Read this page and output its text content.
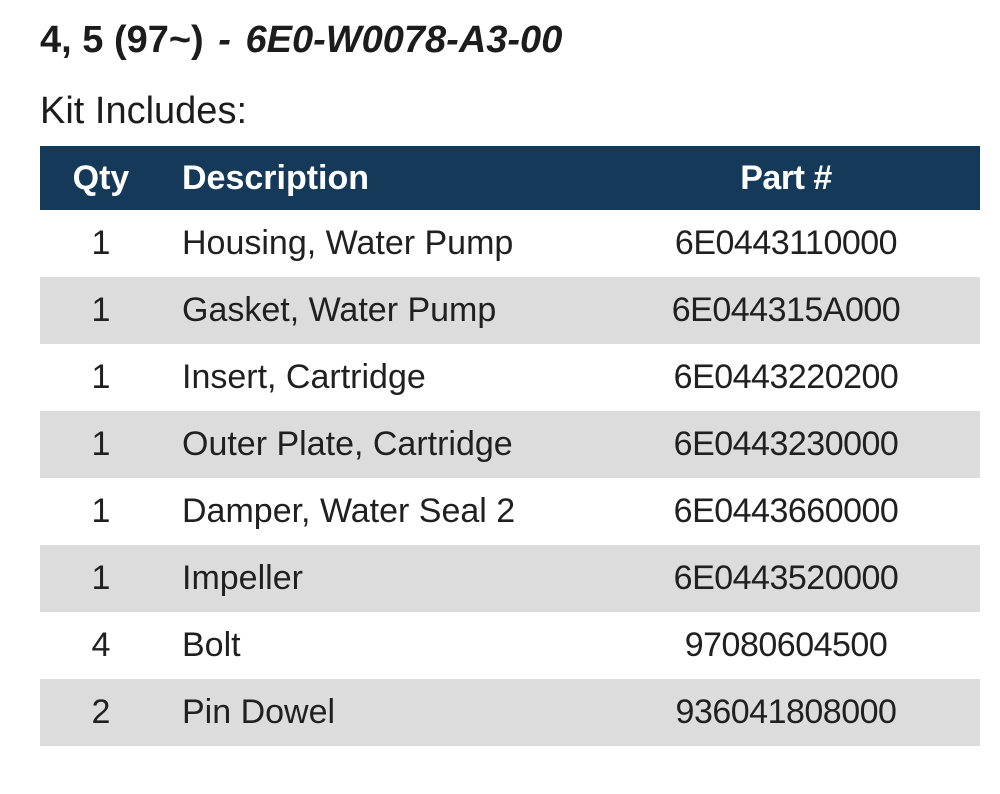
4, 5 (97~) - 6E0-W0078-A3-00
Kit Includes:
Qty	Description	Part #
1	Housing, Water Pump	6E0443110000
1	Gasket, Water Pump	6E044315A000
1	Insert, Cartridge	6E0443220200
1	Outer Plate, Cartridge	6E0443230000
1	Damper, Water Seal 2	6E0443660000
1	Impeller	6E0443520000
4	Bolt	97080604500
2	Pin Dowel	936041808000
